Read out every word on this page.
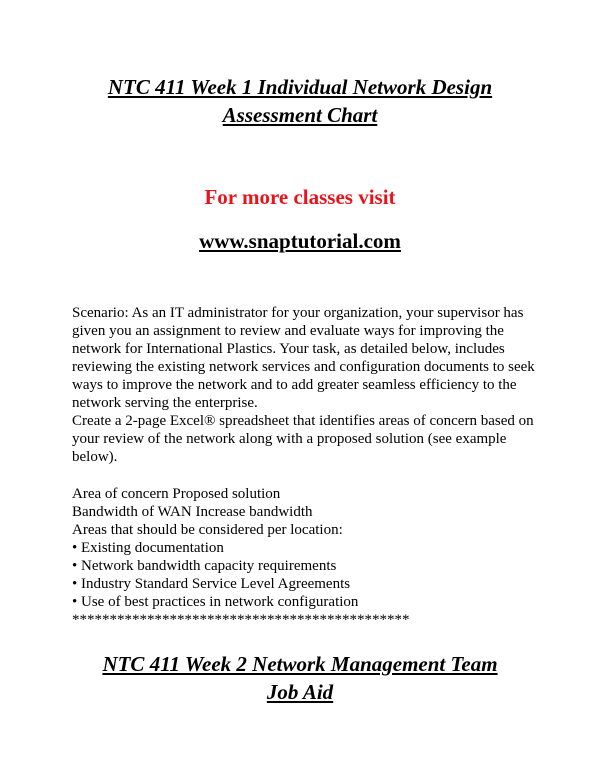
NTC 411 Week 1 Individual Network Design
Assessment Chart

For more classes visit

www.snaptutorial.com

Scenario: As an IT administrator for your organization, your supervisor has given you an assignment to review and evaluate ways for improving the network for International Plastics. Your task, as detailed below, includes reviewing the existing network services and configuration documents to seek ways to improve the network and to add greater seamless efficiency to the network serving the enterprise.
Create a 2-page Excel® spreadsheet that identifies areas of concern based on your review of the network along with a proposed solution (see example below).
Area of concern Proposed solution
Bandwidth of WAN Increase bandwidth
Areas that should be considered per location:
• Existing documentation
• Network bandwidth capacity requirements
• Industry Standard Service Level Agreements
• Use of best practices in network configuration
*********************************************
NTC 411 Week 2 Network Management Team
Job Aid
